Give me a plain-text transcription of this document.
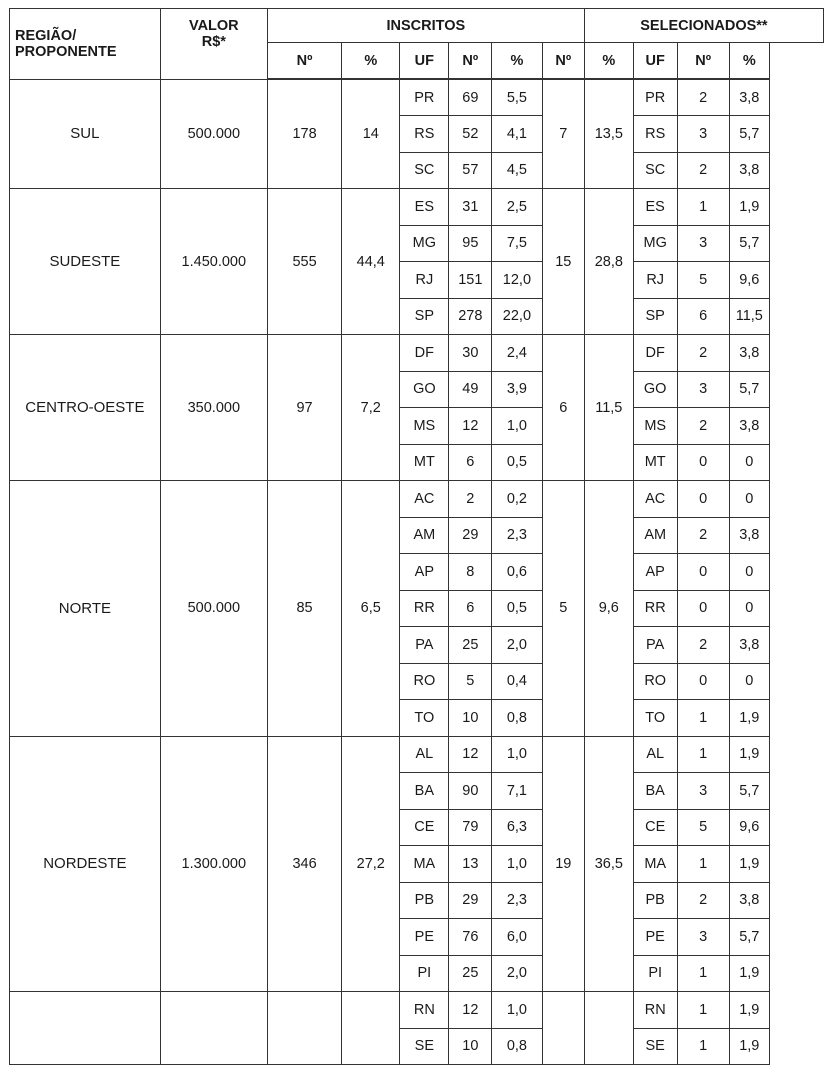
REGIÃO/
PROPONENTE	VALOR
R$*	INSCRITOS						SELECIONADOS**			
		Nº	%	UF	Nº	%	Nº	%	UF	Nº	%
SUL	500.000	178	14	PR	69	5,5	7	13,5	PR	2	3,8
				RS	52	4,1			RS	3	5,7
				SC	57	4,5			SC	2	3,8
SUDESTE	1.450.000	555	44,4	ES	31	2,5	15	28,8	ES	1	1,9
				MG	95	7,5			MG	3	5,7
				RJ	151	12,0			RJ	5	9,6
				SP	278	22,0			SP	6	11,5
CENTRO-OESTE	350.000	97	7,2	DF	30	2,4	6	11,5	DF	2	3,8
				GO	49	3,9			GO	3	5,7
				MS	12	1,0			MS	2	3,8
				MT	6	0,5			MT	0	0
NORTE	500.000	85	6,5	AC	2	0,2	5	9,6	AC	0	0
				AM	29	2,3			AM	2	3,8
				AP	8	0,6			AP	0	0
				RR	6	0,5			RR	0	0
				PA	25	2,0			PA	2	3,8
				RO	5	0,4			RO	0	0
				TO	10	0,8			TO	1	1,9
NORDESTE	1.300.000	346	27,2	AL	12	1,0	19	36,5	AL	1	1,9
				BA	90	7,1			BA	3	5,7
				CE	79	6,3			CE	5	9,6
				MA	13	1,0			MA	1	1,9
				PB	29	2,3			PB	2	3,8
				PE	76	6,0			PE	3	5,7
				PI	25	2,0			PI	1	1,9
				RN	12	1,0			RN	1	1,9
				SE	10	0,8			SE	1	1,9
